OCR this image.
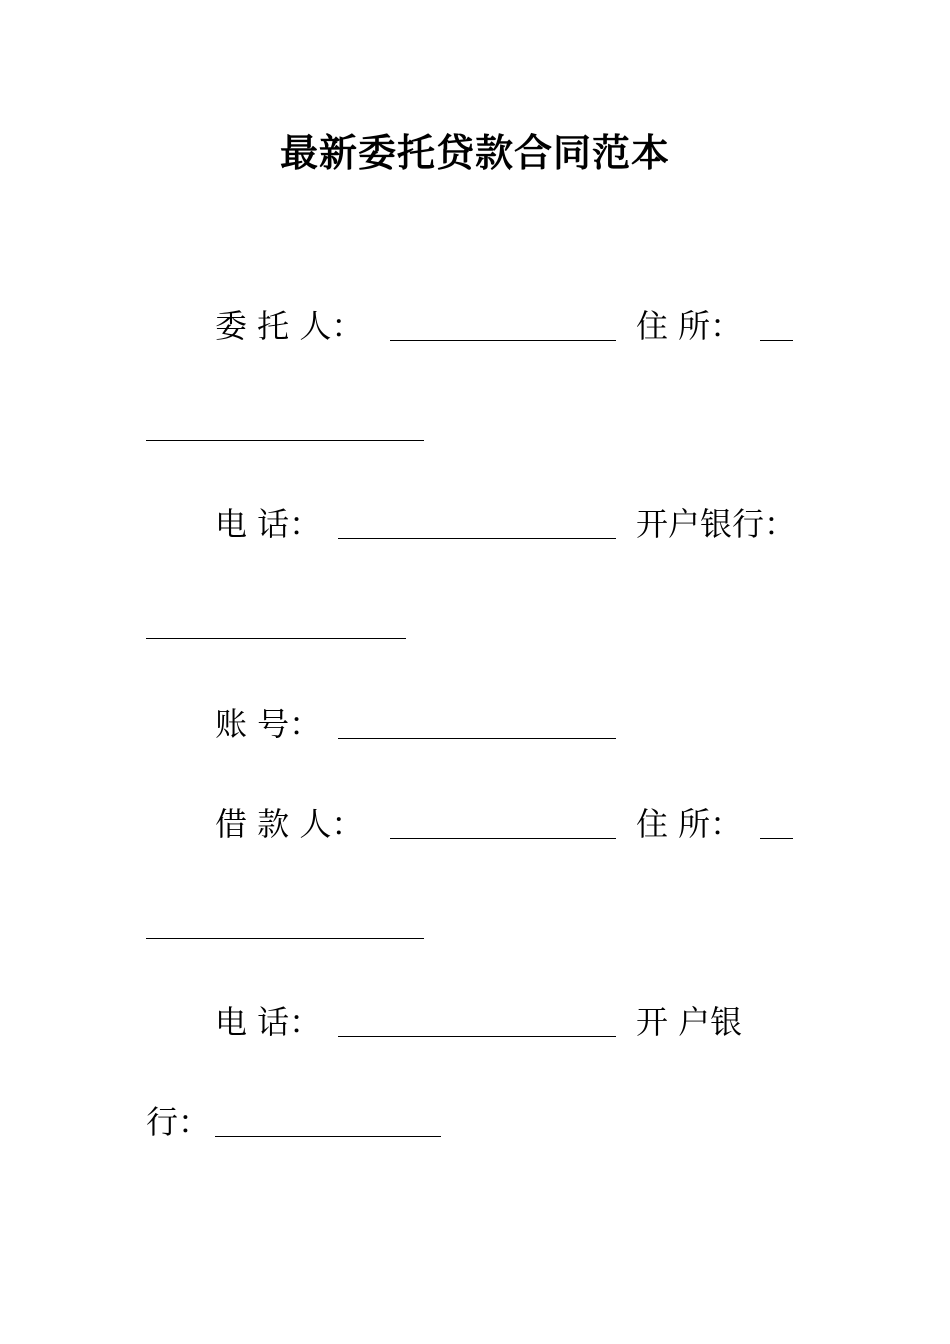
最新委托贷款合同范本
委 托 人：	住 所：
电 话：	开户银行：
账 号：
借 款 人：	住 所：
电 话：	开 户银
行：
